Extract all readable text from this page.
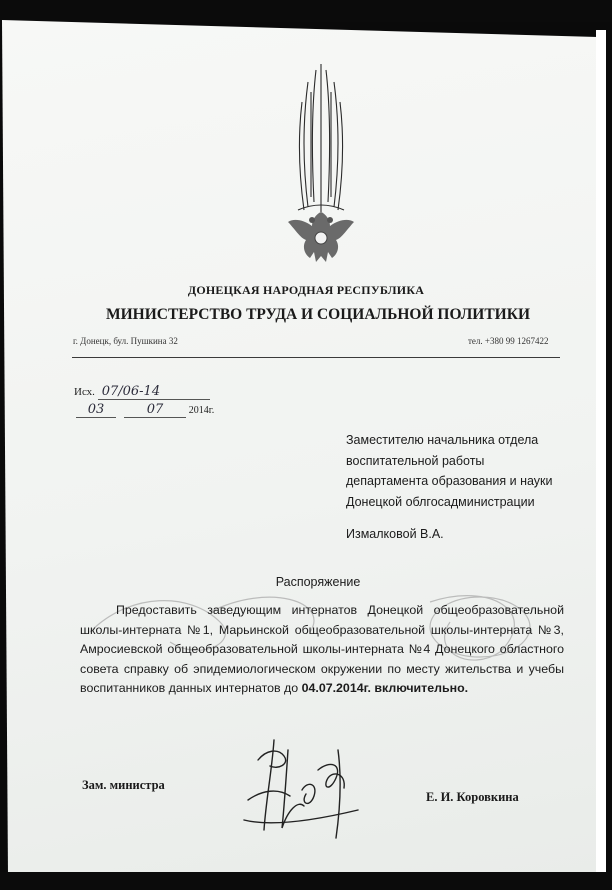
ДОНЕЦКАЯ НАРОДНАЯ РЕСПУБЛИКА
МИНИСТЕРСТВО ТРУДА И СОЦИАЛЬНОЙ ПОЛИТИКИ
г. Донецк, бул. Пушкина 32	тел. +380 99 1267422
Исх. 07/06-14
03	07	2014г.
Заместителю начальника отдела
воспитательной работы
департамента образования и науки
Донецкой облгосадминистрации
Измалковой В.А.
Распоряжение
Предоставить заведующим интернатов Донецкой общеобразовательной школы-интерната №1, Марьинской общеобразовательной школы-интерната №3, Амросиевской общеобразовательной школы-интерната №4 Донецкого областного совета справку об эпидемиологическом окружении по месту жительства и учебы воспитанников данных интернатов до 04.07.2014г. включительно.
Зам. министра
Е. И. Коровкина
